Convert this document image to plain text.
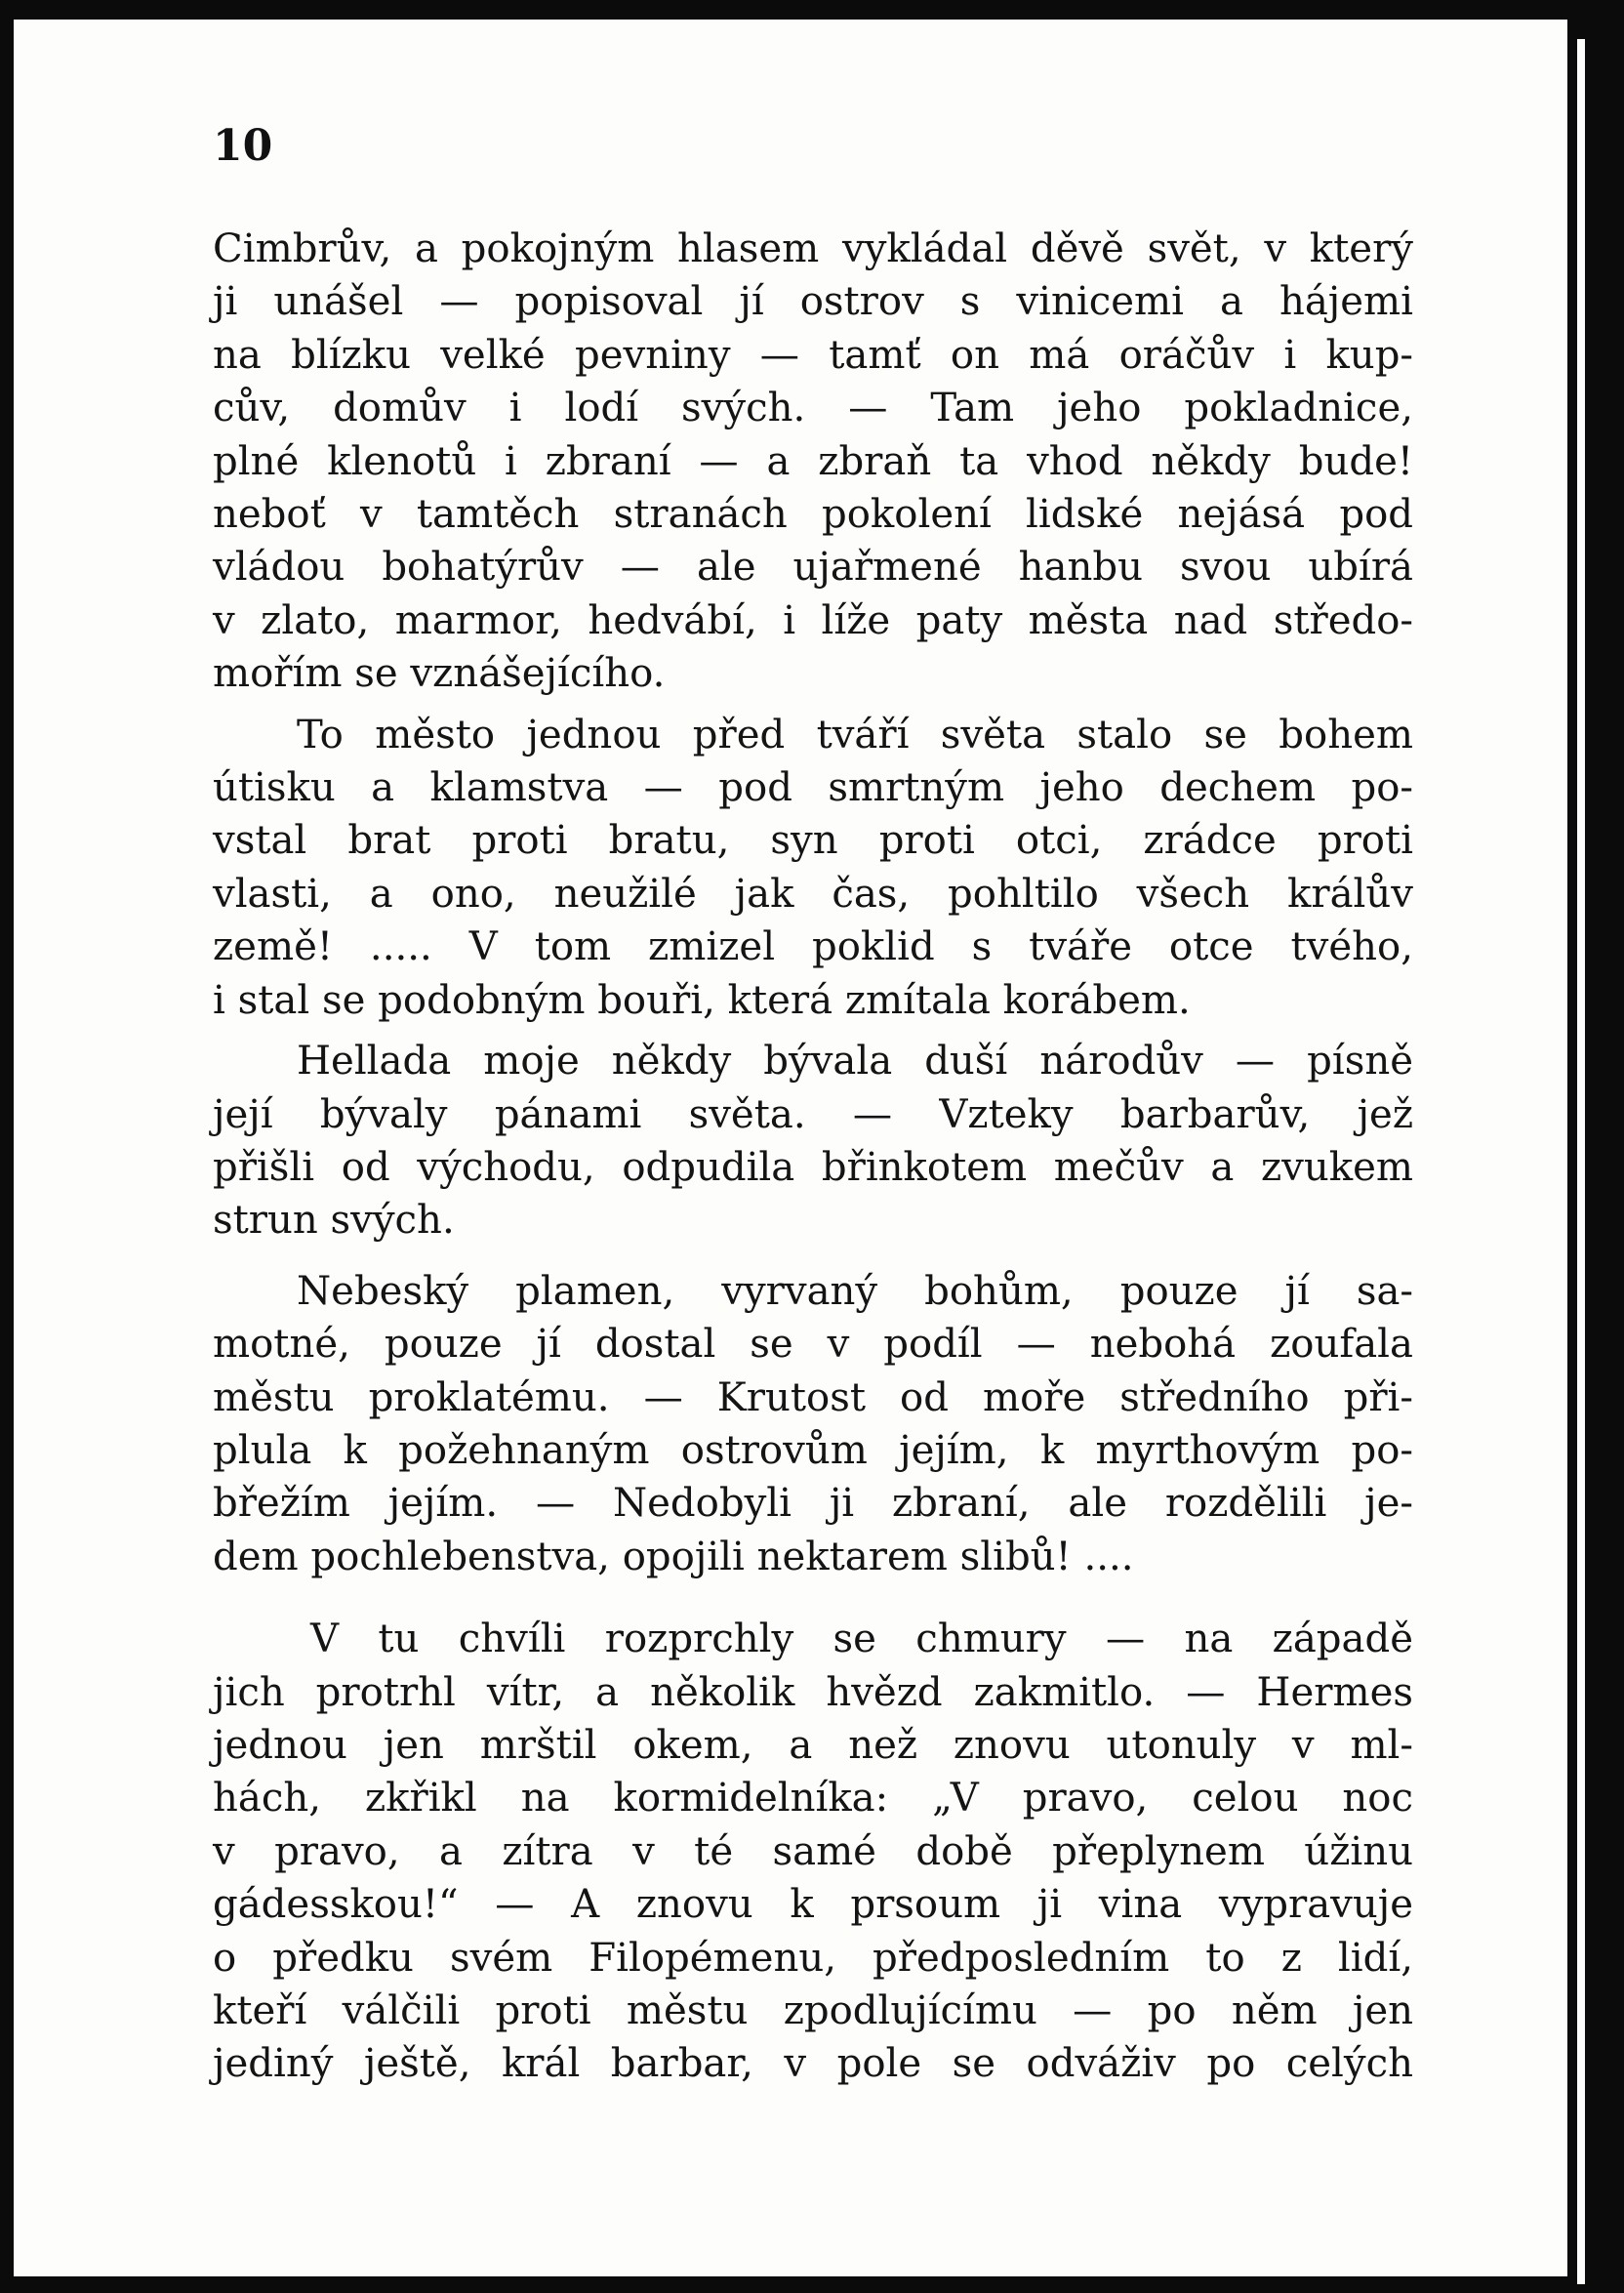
10

Cimbrův, a pokojným hlasem vykládal děvě svět, v který
ji unášel — popisoval jí ostrov s vinicemi a hájemi
na blízku velké pevniny — tamť on má oráčův i kup-
cův, domův i lodí svých. — Tam jeho pokladnice,
plné klenotů i zbraní — a zbraň ta vhod někdy bude!
neboť v tamtěch stranách pokolení lidské nejásá pod
vládou bohatýrův — ale ujařmené hanbu svou ubírá
v zlato, marmor, hedvábí, i líže paty města nad středo-
mořím se vznášejícího.

To město jednou před tváří světa stalo se bohem
útisku a klamstva — pod smrtným jeho dechem po-
vstal brat proti bratu, syn proti otci, zrádce proti
vlasti, a ono, neužilé jak čas, pohltilo všech králův
země! ..... V tom zmizel poklid s tváře otce tvého,
i stal se podobným bouři, která zmítala korábem.

Hellada moje někdy bývala duší národův — písně
její bývaly pánami světa. — Vzteky barbarův, jež
přišli od východu, odpudila břinkotem mečův a zvukem
strun svých.

Nebeský plamen, vyrvaný bohům, pouze jí sa-
motné, pouze jí dostal se v podíl — nebohá zoufala
městu proklatému. — Krutost od moře středního při-
plula k požehnaným ostrovům jejím, k myrthovým po-
břežím jejím. — Nedobyli ji zbraní, ale rozdělili je-
dem pochlebenstva, opojili nektarem slibů! ....

V tu chvíli rozprchly se chmury — na západě
jich protrhl vítr, a několik hvězd zakmitlo. — Hermes
jednou jen mrštil okem, a než znovu utonuly v ml-
hách, zkřikl na kormidelníka: „V pravo, celou noc
v pravo, a zítra v té samé době přeplynem úžinu
gádesskou!“ — A znovu k prsoum ji vina vypravuje
o předku svém Filopémenu, předposledním to z lidí,
kteří válčili proti městu zpodlujícímu — po něm jen
jediný ještě, král barbar, v pole se odváživ po celých
